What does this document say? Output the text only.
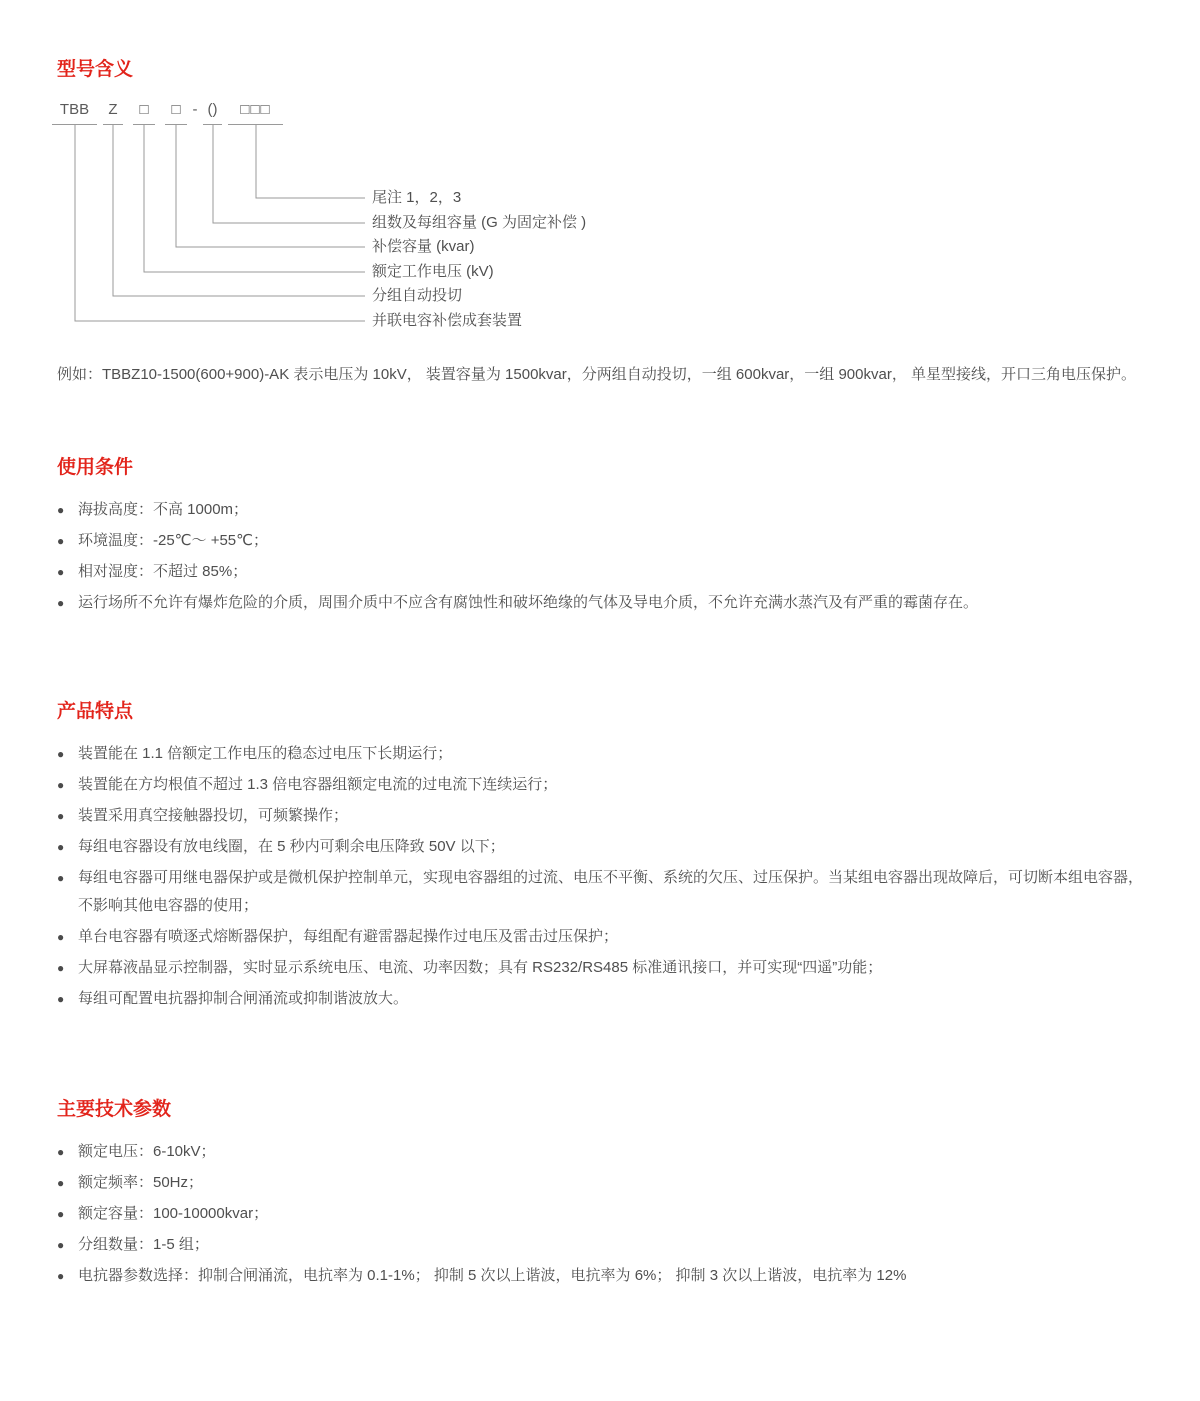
型号含义
TBB	Z	□	□ - ()	□□□
尾注 1，2，3
组数及每组容量 (G 为固定补偿 )
补偿容量 (kvar)
额定工作电压 (kV)
分组自动投切
并联电容补偿成套装置

例如：TBBZ10-1500(600+900)-AK 表示电压为 10kV， 装置容量为 1500kvar，分两组自动投切，一组 600kvar，一组 900kvar， 单星型接线，开口三角电压保护。

使用条件
● 海拔高度：不高 1000m；
● 环境温度：-25℃～ +55℃；
● 相对湿度：不超过 85%；
● 运行场所不允许有爆炸危险的介质，周围介质中不应含有腐蚀性和破坏绝缘的气体及导电介质，不允许充满水蒸汽及有严重的霉菌存在。
产品特点
● 装置能在 1.1 倍额定工作电压的稳态过电压下长期运行；
● 装置能在方均根值不超过 1.3 倍电容器组额定电流的过电流下连续运行；
● 装置采用真空接触器投切，可频繁操作；
● 每组电容器设有放电线圈，在 5 秒内可剩余电压降致 50V 以下；
● 每组电容器可用继电器保护或是微机保护控制单元，实现电容器组的过流、电压不平衡、系统的欠压、过压保护。当某组电容器出现故障后，可切断本组电容器，不影响其他电容器的使用；
● 单台电容器有喷逐式熔断器保护，每组配有避雷器起操作过电压及雷击过压保护；
● 大屏幕液晶显示控制器，实时显示系统电压、电流、功率因数；具有 RS232/RS485 标准通讯接口，并可实现“四遥”功能；
● 每组可配置电抗器抑制合闸涌流或抑制谐波放大。
主要技术参数
● 额定电压：6-10kV；
● 额定频率：50Hz；
● 额定容量：100-10000kvar；
● 分组数量：1-5 组；
● 电抗器参数选择：抑制合闸涌流，电抗率为 0.1-1%； 抑制 5 次以上谐波，电抗率为 6%； 抑制 3 次以上谐波，电抗率为 12%
